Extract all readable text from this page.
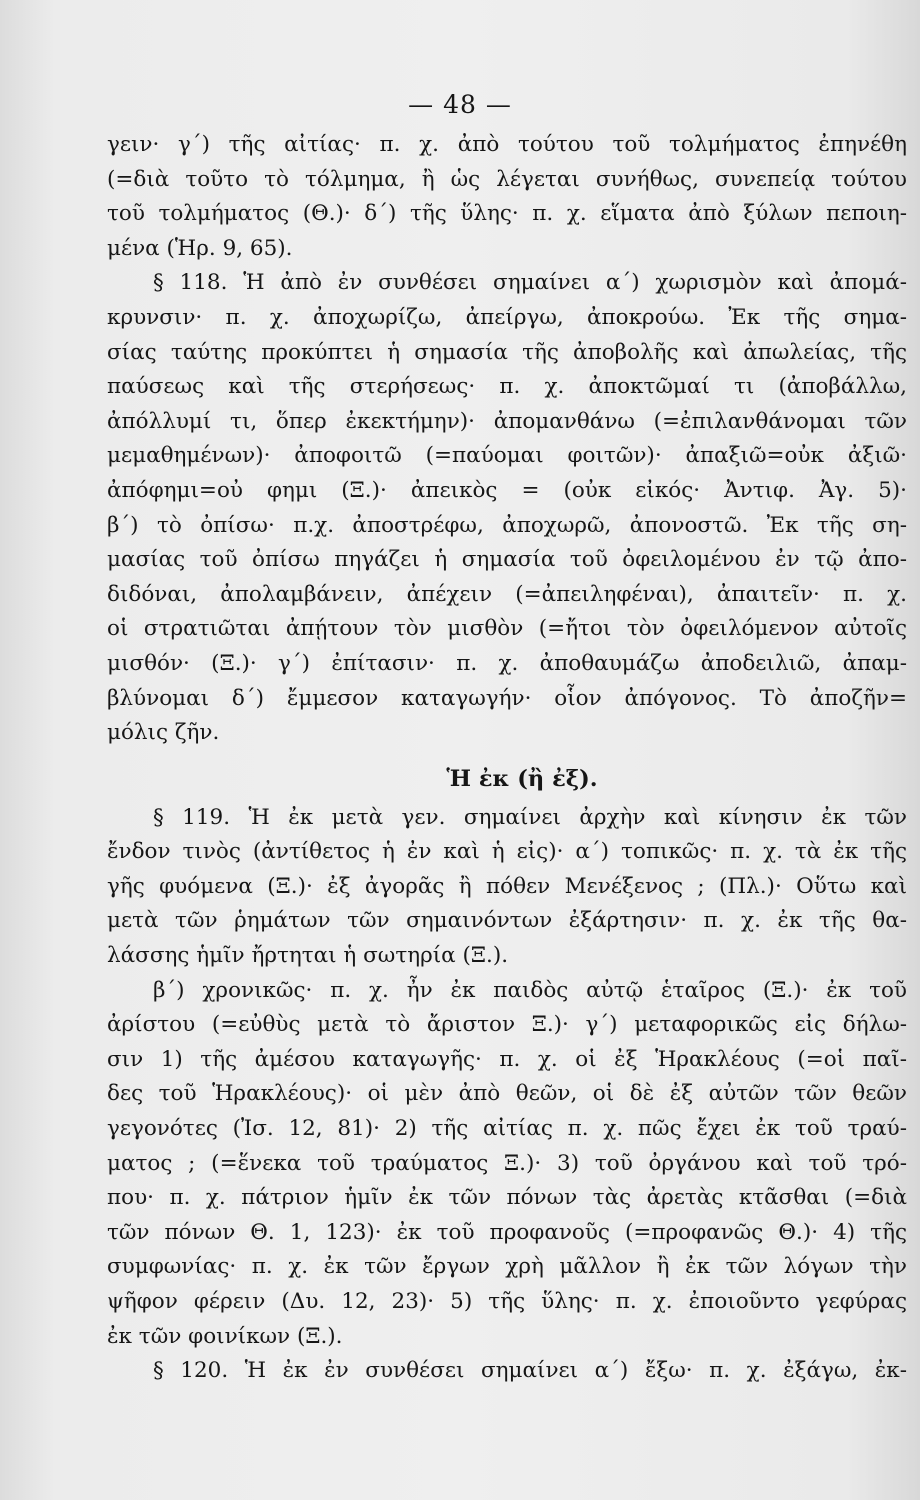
— 48 —
γειν· γ΄) τῆς αἰτίας· π. χ. ἀπὸ τούτου τοῦ τολμήματος ἐπηνέθη
(=διὰ τοῦτο τὸ τόλμημα, ἢ ὡς λέγεται συνήθως, συνεπείᾳ τούτου
τοῦ τολμήματος (Θ.)· δ΄) τῆς ὕλης· π. χ. εἵματα ἀπὸ ξύλων πεποιη-
μένα (Ἡρ. 9, 65).
§ 118. Ἡ ἀπὸ ἐν συνθέσει σημαίνει α΄) χωρισμὸν καὶ ἀπομά-
κρυνσιν· π. χ. ἀποχωρίζω, ἀπείργω, ἀποκρούω. Ἐκ τῆς σημα-
σίας ταύτης προκύπτει ἡ σημασία τῆς ἀποβολῆς καὶ ἀπωλείας, τῆς
παύσεως καὶ τῆς στερήσεως· π. χ. ἀποκτῶμαί τι (ἀποβάλλω,
ἀπόλλυμί τι, ὅπερ ἐκεκτήμην)· ἀπομανθάνω (=ἐπιλανθάνομαι τῶν
μεμαθημένων)· ἀποφοιτῶ (=παύομαι φοιτῶν)· ἀπαξιῶ=οὐκ ἀξιῶ·
ἀπόφημι=οὐ φημι (Ξ.)· ἀπεικὸς = (οὐκ εἰκός· Ἀντιφ. Ἀγ. 5)·
β΄) τὸ ὀπίσω· π.χ. ἀποστρέφω, ἀποχωρῶ, ἀπονοστῶ. Ἐκ τῆς ση-
μασίας τοῦ ὀπίσω πηγάζει ἡ σημασία τοῦ ὀφειλομένου ἐν τῷ ἀπο-
διδόναι, ἀπολαμβάνειν, ἀπέχειν (=ἀπειληφέναι), ἀπαιτεῖν· π. χ.
οἱ στρατιῶται ἀπῄτουν τὸν μισθὸν (=ἤτοι τὸν ὀφειλόμενον αὐτοῖς
μισθόν· (Ξ.)· γ΄) ἐπίτασιν· π. χ. ἀποθαυμάζω ἀποδειλιῶ, ἀπαμ-
βλύνομαι δ΄) ἔμμεσον καταγωγήν· οἷον ἀπόγονος. Τὸ ἀποζῆν=
μόλις ζῆν.
Ἡ ἐκ (ἢ ἐξ).
§ 119. Ἡ ἐκ μετὰ γεν. σημαίνει ἀρχὴν καὶ κίνησιν ἐκ τῶν
ἔνδον τινὸς (ἀντίθετος ἡ ἐν καὶ ἡ εἰς)· α΄) τοπικῶς· π. χ. τὰ ἐκ τῆς
γῆς φυόμενα (Ξ.)· ἐξ ἀγορᾶς ἢ πόθεν Μενέξενος ; (Πλ.)· Οὕτω καὶ
μετὰ τῶν ῥημάτων τῶν σημαινόντων ἐξάρτησιν· π. χ. ἐκ τῆς θα-
λάσσης ἡμῖν ἤρτηται ἡ σωτηρία (Ξ.).
β΄) χρονικῶς· π. χ. ἦν ἐκ παιδὸς αὐτῷ ἑταῖρος (Ξ.)· ἐκ τοῦ
ἀρίστου (=εὐθὺς μετὰ τὸ ἄριστον Ξ.)· γ΄) μεταφορικῶς εἰς δήλω-
σιν 1) τῆς ἀμέσου καταγωγῆς· π. χ. οἱ ἐξ Ἡρακλέους (=οἱ παῖ-
δες τοῦ Ἡρακλέους)· οἱ μὲν ἀπὸ θεῶν, οἱ δὲ ἐξ αὐτῶν τῶν θεῶν
γεγονότες (Ἰσ. 12, 81)· 2) τῆς αἰτίας π. χ. πῶς ἔχει ἐκ τοῦ τραύ-
ματος ; (=ἕνεκα τοῦ τραύματος Ξ.)· 3) τοῦ ὀργάνου καὶ τοῦ τρό-
που· π. χ. πάτριον ἡμῖν ἐκ τῶν πόνων τὰς ἀρετὰς κτᾶσθαι (=διὰ
τῶν πόνων Θ. 1, 123)· ἐκ τοῦ προφανοῦς (=προφανῶς Θ.)· 4) τῆς
συμφωνίας· π. χ. ἐκ τῶν ἔργων χρὴ μᾶλλον ἢ ἐκ τῶν λόγων τὴν
ψῆφον φέρειν (Δυ. 12, 23)· 5) τῆς ὕλης· π. χ. ἐποιοῦντο γεφύρας
ἐκ τῶν φοινίκων (Ξ.).
§ 120. Ἡ ἐκ ἐν συνθέσει σημαίνει α΄) ἔξω· π. χ. ἐξάγω, ἐκ-
